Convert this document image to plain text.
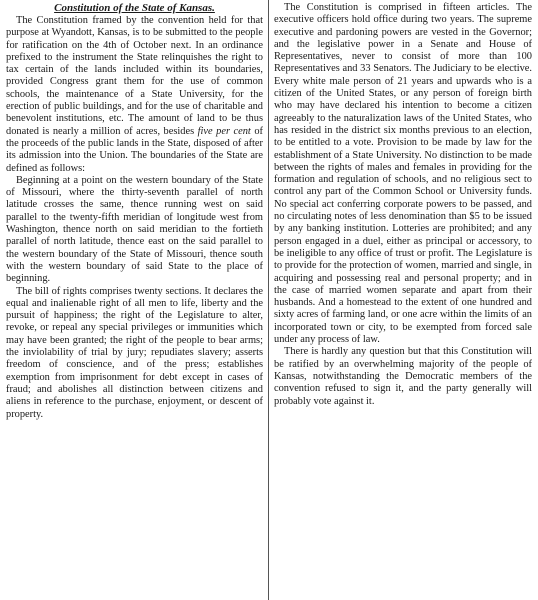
Constitution of the State of Kansas.

The Constitution framed by the convention held for that purpose at Wyandott, Kansas, is to be submitted to the people for ratification on the 4th of October next. In an ordinance prefixed to the instrument the State relinquishes the right to tax certain of the lands included within its boundaries, provided Congress grant them for the use of common schools, the maintenance of a State University, for the erection of public buildings, and for the use of charitable and benevolent institutions, etc. The amount of land to be thus donated is nearly a million of acres, besides five per cent of the proceeds of the public lands in the State, disposed of after its admission into the Union. The boundaries of the State are defined as follows:

Beginning at a point on the western boundary of the State of Missouri, where the thirty-seventh parallel of north latitude crosses the same, thence running west on said parallel to the twenty-fifth meridian of longitude west from Washington, thence north on said meridian to the fortieth parallel of north latitude, thence east on the said parallel to the western boundary of the State of Missouri, thence south with the western boundary of said State to the place of beginning.

The bill of rights comprises twenty sections. It declares the equal and inalienable right of all men to life, liberty and the pursuit of happiness; the right of the Legislature to alter, revoke, or repeal any special privileges or immunities which may have been granted; the right of the people to bear arms; the inviolability of trial by jury; repudiates slavery; asserts freedom of conscience, and of the press; establishes exemption from imprisonment for debt except in cases of fraud; and abolishes all distinction between citizens and aliens in reference to the purchase, enjoyment, or descent of property.

The Constitution is comprised in fifteen articles. The executive officers hold office during two years. The supreme executive and pardoning powers are vested in the Governor; and the legislative power in a Senate and House of Representatives, never to consist of more than 100 Representatives and 33 Senators. The Judiciary to be elective. Every white male person of 21 years and upwards who is a citizen of the United States, or any person of foreign birth who may have declared his intention to become a citizen agreeably to the naturalization laws of the United States, who has resided in the district six months previous to an election, to be entitled to a vote. Provision to be made by law for the establishment of a State University. No distinction to be made between the rights of males and females in providing for the formation and regulation of schools, and no religious sect to control any part of the Common School or University funds. No special act conferring corporate powers to be passed, and no circulating notes of less denomination than $5 to be issued by any banking institution. Lotteries are prohibited; and any person engaged in a duel, either as principal or accessory, to be ineligible to any office of trust or profit. The Legislature is to provide for the protection of women, married and single, in acquiring and possessing real and personal property; and in the case of married women separate and apart from their husbands. And a homestead to the extent of one hundred and sixty acres of farming land, or one acre within the limits of an incorporated town or city, to be exempted from forced sale under any process of law.

There is hardly any question but that this Constitution will be ratified by an overwhelming majority of the people of Kansas, notwithstanding the Democratic members of the convention refused to sign it, and the party generally will probably vote against it.
